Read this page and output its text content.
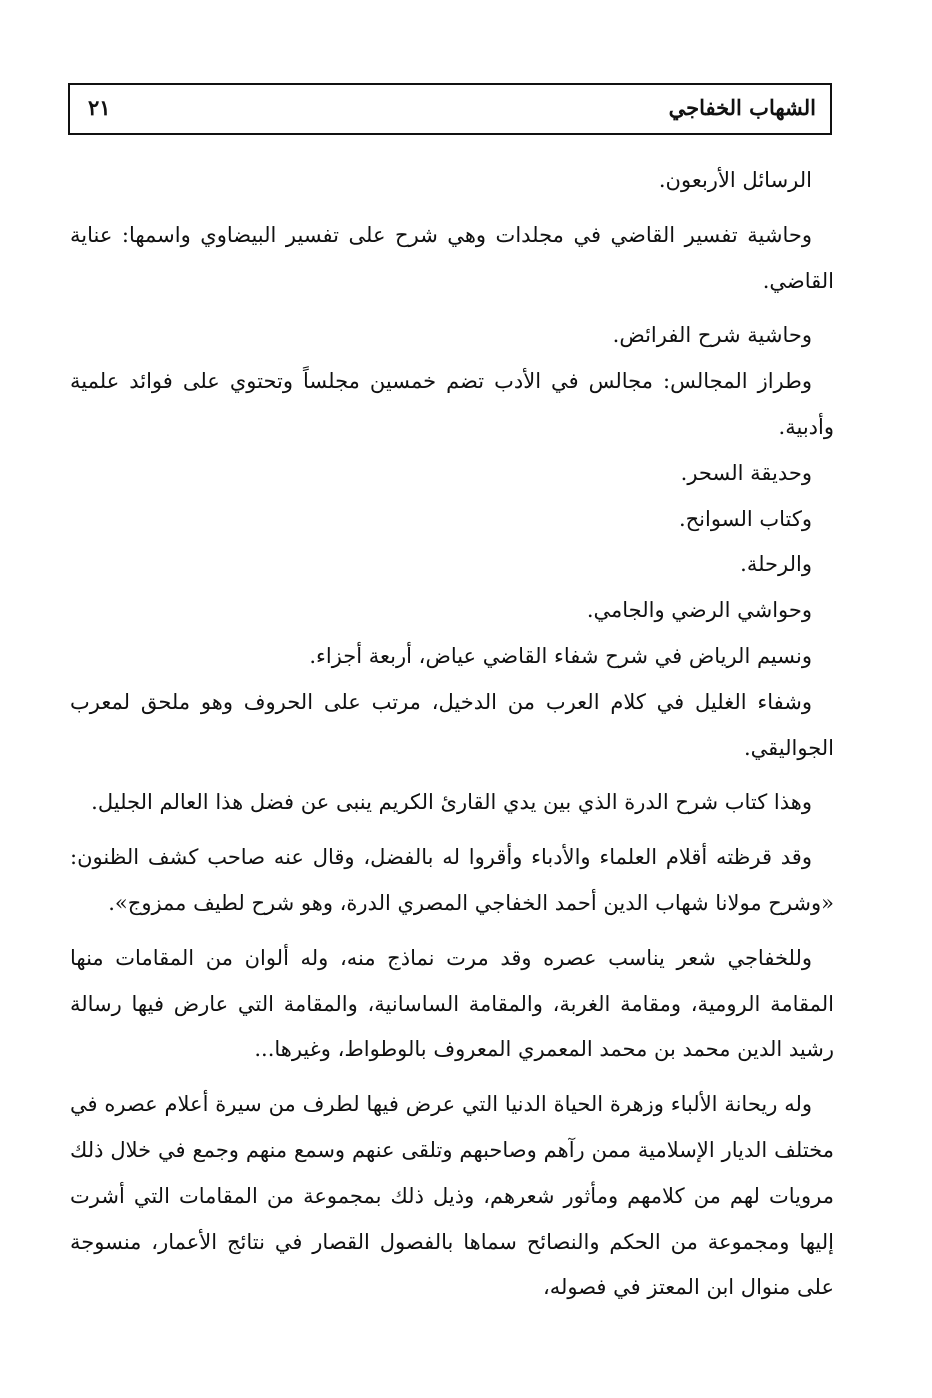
الشهاب الخفاجي
٢١

الرسائل الأربعون.

وحاشية تفسير القاضي في مجلدات وهي شرح على تفسير البيضاوي واسمها: عناية القاضي.

وحاشية شرح الفرائض.

وطراز المجالس: مجالس في الأدب تضم خمسين مجلساً وتحتوي على فوائد علمية وأدبية.

وحديقة السحر.

وكتاب السوانح.

والرحلة.

وحواشي الرضي والجامي.

ونسيم الرياض في شرح شفاء القاضي عياض، أربعة أجزاء.

وشفاء الغليل في كلام العرب من الدخيل، مرتب على الحروف وهو ملحق لمعرب الجواليقي.

وهذا كتاب شرح الدرة الذي بين يدي القارئ الكريم ينبى عن فضل هذا العالم الجليل.

وقد قرظته أقلام العلماء والأدباء وأقروا له بالفضل، وقال عنه صاحب كشف الظنون: «وشرح مولانا شهاب الدين أحمد الخفاجي المصري الدرة، وهو شرح لطيف ممزوج».

وللخفاجي شعر يناسب عصره وقد مرت نماذج منه، وله ألوان من المقامات منها المقامة الرومية، ومقامة الغربة، والمقامة الساسانية، والمقامة التي عارض فيها رسالة رشيد الدين محمد بن محمد المعمري المعروف بالوطواط، وغيرها...

وله ريحانة الألباء وزهرة الحياة الدنيا التي عرض فيها لطرف من سيرة أعلام عصره في مختلف الديار الإسلامية ممن رآهم وصاحبهم وتلقى عنهم وسمع منهم وجمع في خلال ذلك مرويات لهم من كلامهم ومأثور شعرهم، وذيل ذلك بمجموعة من المقامات التي أشرت إليها ومجموعة من الحكم والنصائح سماها بالفصول القصار في نتائج الأعمار، منسوجة على منوال ابن المعتز في فصوله،
